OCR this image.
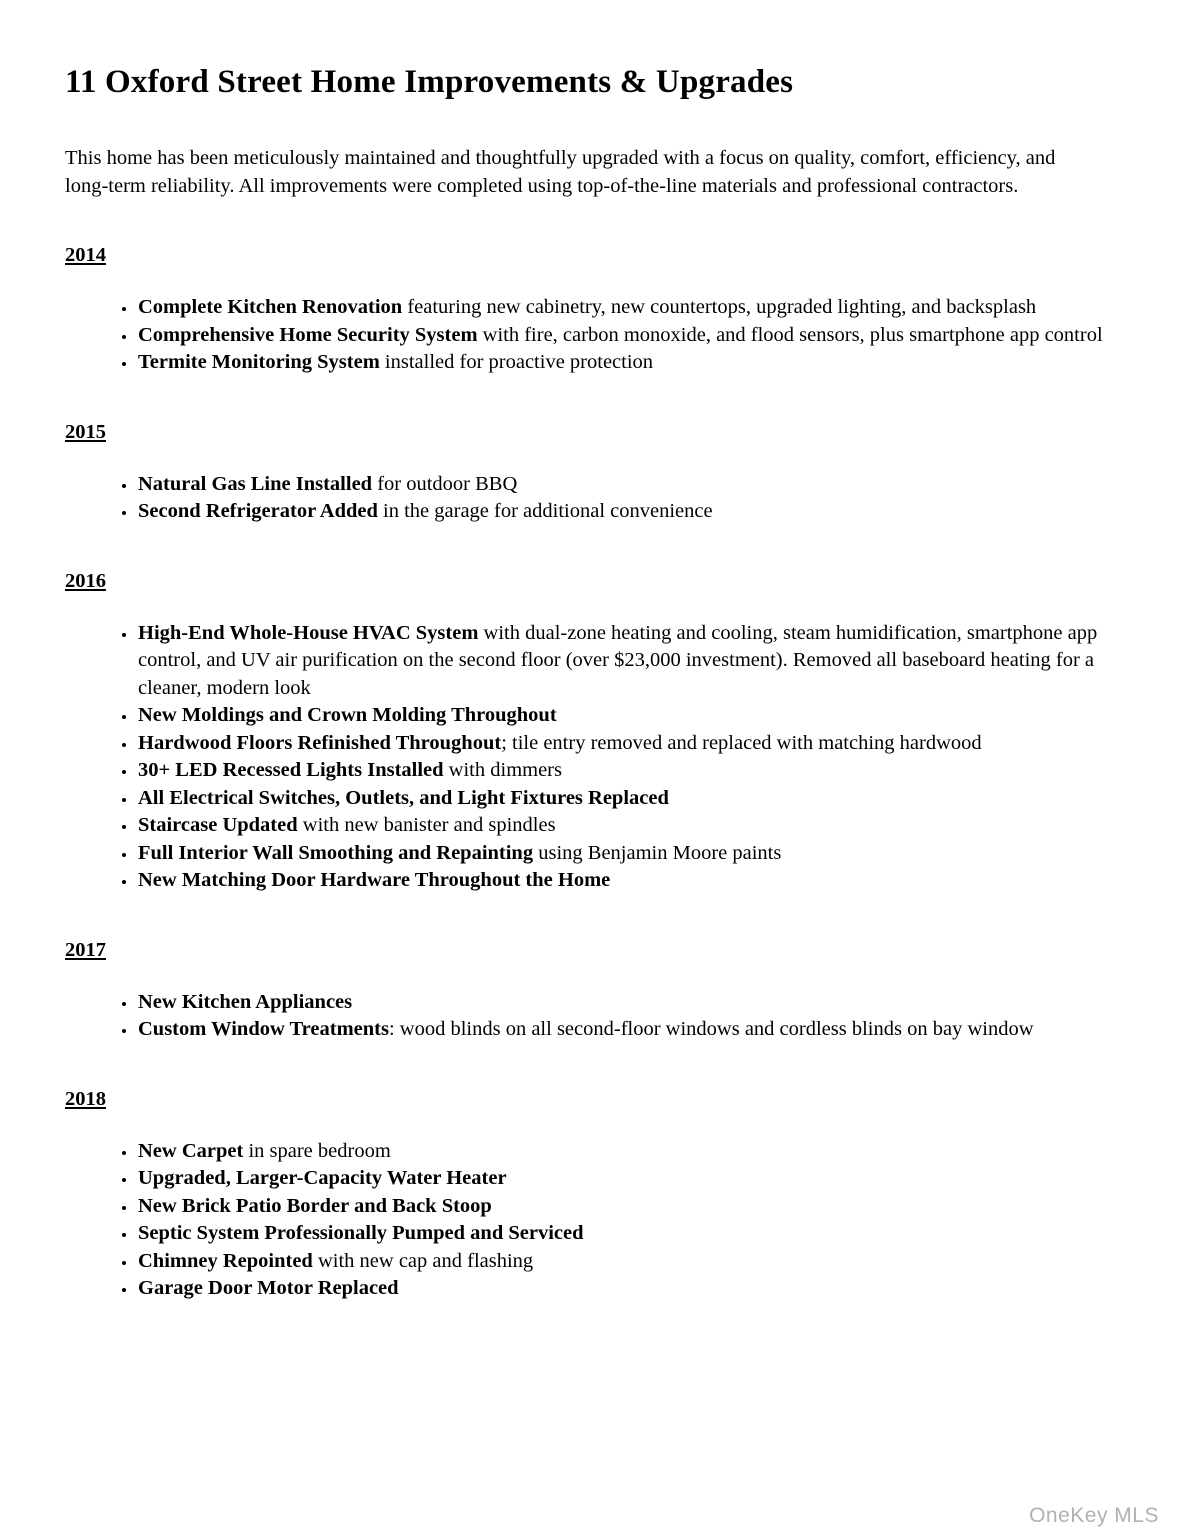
11 Oxford Street Home Improvements & Upgrades

This home has been meticulously maintained and thoughtfully upgraded with a focus on quality, comfort, efficiency, and long-term reliability. All improvements were completed using top-of-the-line materials and professional contractors.

2014
• Complete Kitchen Renovation featuring new cabinetry, new countertops, upgraded lighting, and backsplash
• Comprehensive Home Security System with fire, carbon monoxide, and flood sensors, plus smartphone app control
• Termite Monitoring System installed for proactive protection
2015
• Natural Gas Line Installed for outdoor BBQ
• Second Refrigerator Added in the garage for additional convenience
2016
• High-End Whole-House HVAC System with dual-zone heating and cooling, steam humidification, smartphone app control, and UV air purification on the second floor (over $23,000 investment). Removed all baseboard heating for a cleaner, modern look
• New Moldings and Crown Molding Throughout
• Hardwood Floors Refinished Throughout; tile entry removed and replaced with matching hardwood
• 30+ LED Recessed Lights Installed with dimmers
• All Electrical Switches, Outlets, and Light Fixtures Replaced
• Staircase Updated with new banister and spindles
• Full Interior Wall Smoothing and Repainting using Benjamin Moore paints
• New Matching Door Hardware Throughout the Home
2017
• New Kitchen Appliances
• Custom Window Treatments: wood blinds on all second-floor windows and cordless blinds on bay window
2018
• New Carpet in spare bedroom
• Upgraded, Larger-Capacity Water Heater
• New Brick Patio Border and Back Stoop
• Septic System Professionally Pumped and Serviced
• Chimney Repointed with new cap and flashing
• Garage Door Motor Replaced
OneKey MLS
